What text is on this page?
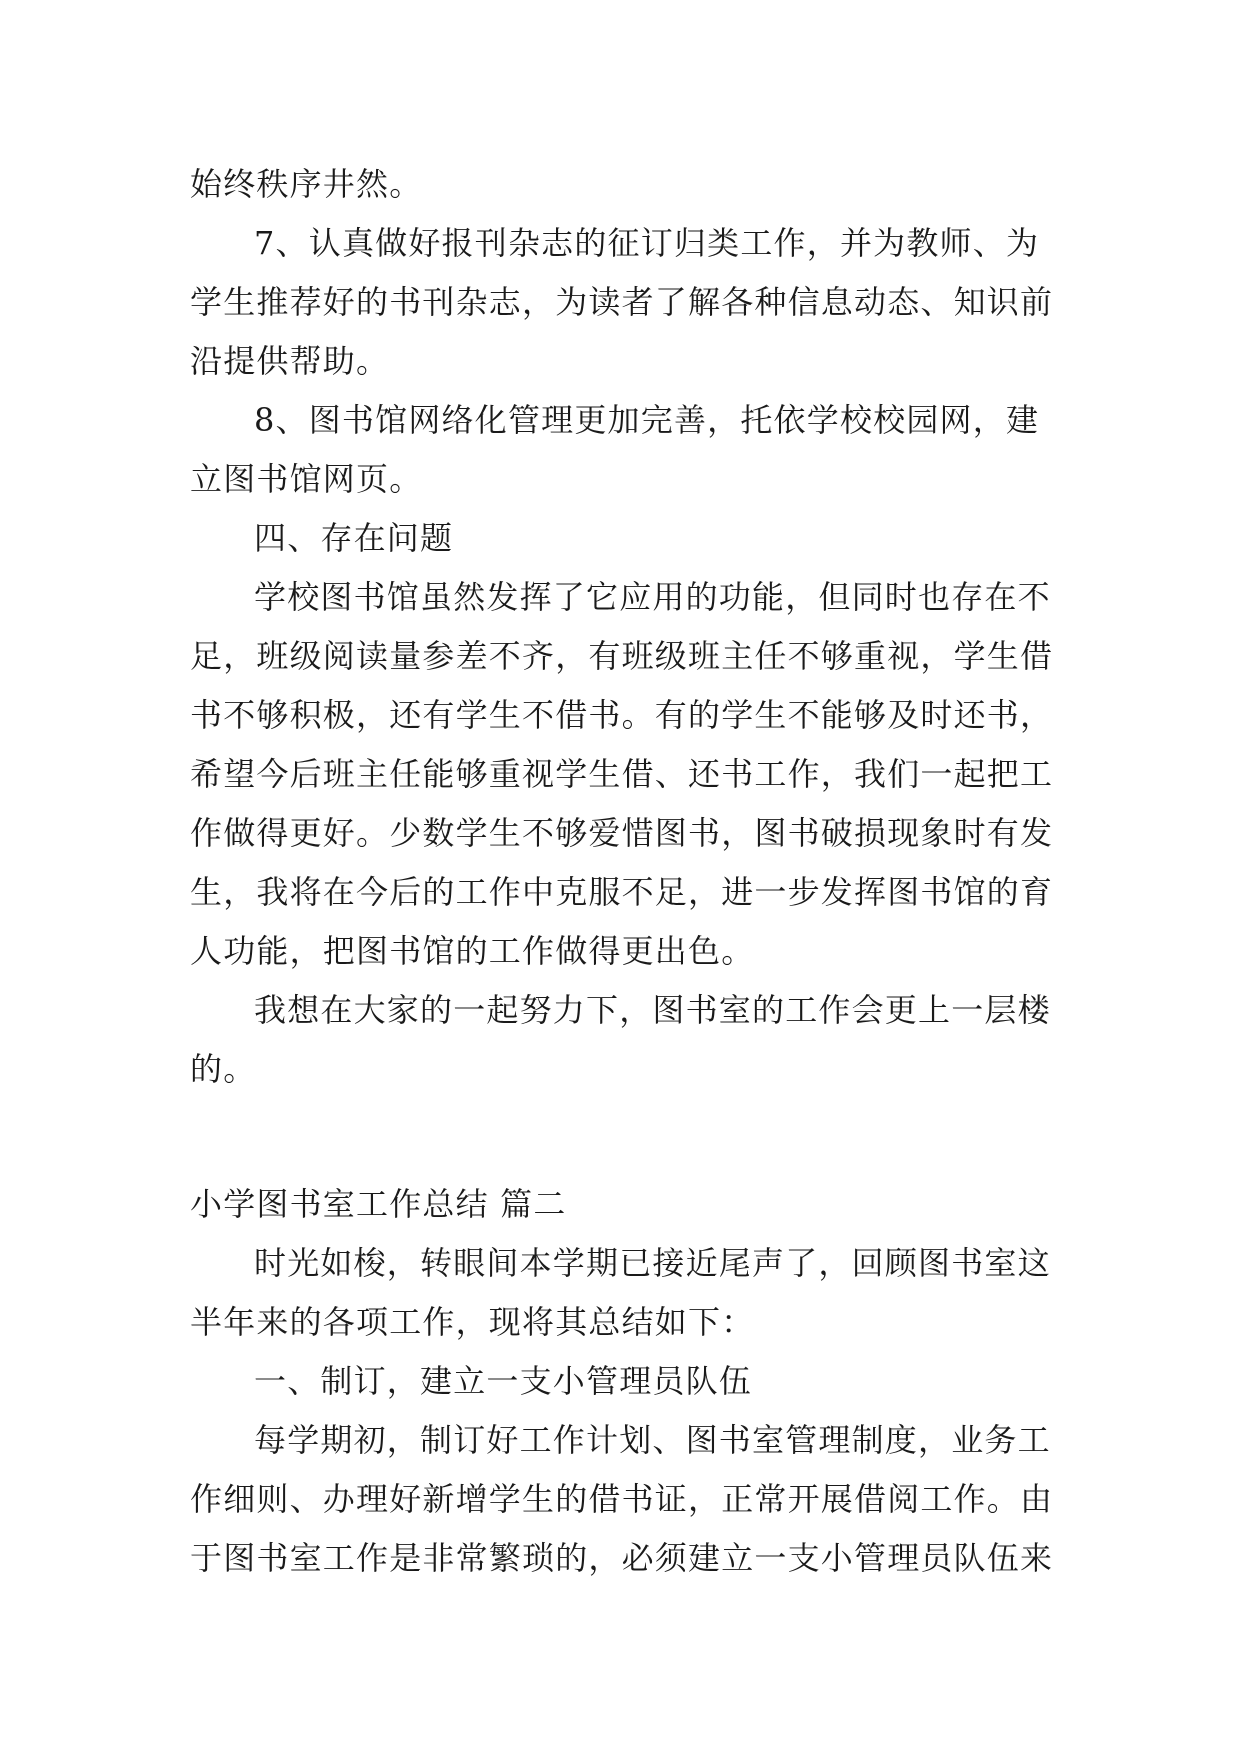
始终秩序井然。
7、认真做好报刊杂志的征订归类工作，并为教师、为
学生推荐好的书刊杂志，为读者了解各种信息动态、知识前
沿提供帮助。
8、图书馆网络化管理更加完善，托依学校校园网，建
立图书馆网页。
四、存在问题
学校图书馆虽然发挥了它应用的功能，但同时也存在不
足，班级阅读量参差不齐，有班级班主任不够重视，学生借
书不够积极，还有学生不借书。有的学生不能够及时还书，
希望今后班主任能够重视学生借、还书工作，我们一起把工
作做得更好。少数学生不够爱惜图书，图书破损现象时有发
生，我将在今后的工作中克服不足，进一步发挥图书馆的育
人功能，把图书馆的工作做得更出色。
我想在大家的一起努力下，图书室的工作会更上一层楼
的。
小学图书室工作总结 篇二
时光如梭，转眼间本学期已接近尾声了，回顾图书室这
半年来的各项工作，现将其总结如下：
一、制订，建立一支小管理员队伍
每学期初，制订好工作计划、图书室管理制度，业务工
作细则、办理好新增学生的借书证，正常开展借阅工作。由
于图书室工作是非常繁琐的，必须建立一支小管理员队伍来
